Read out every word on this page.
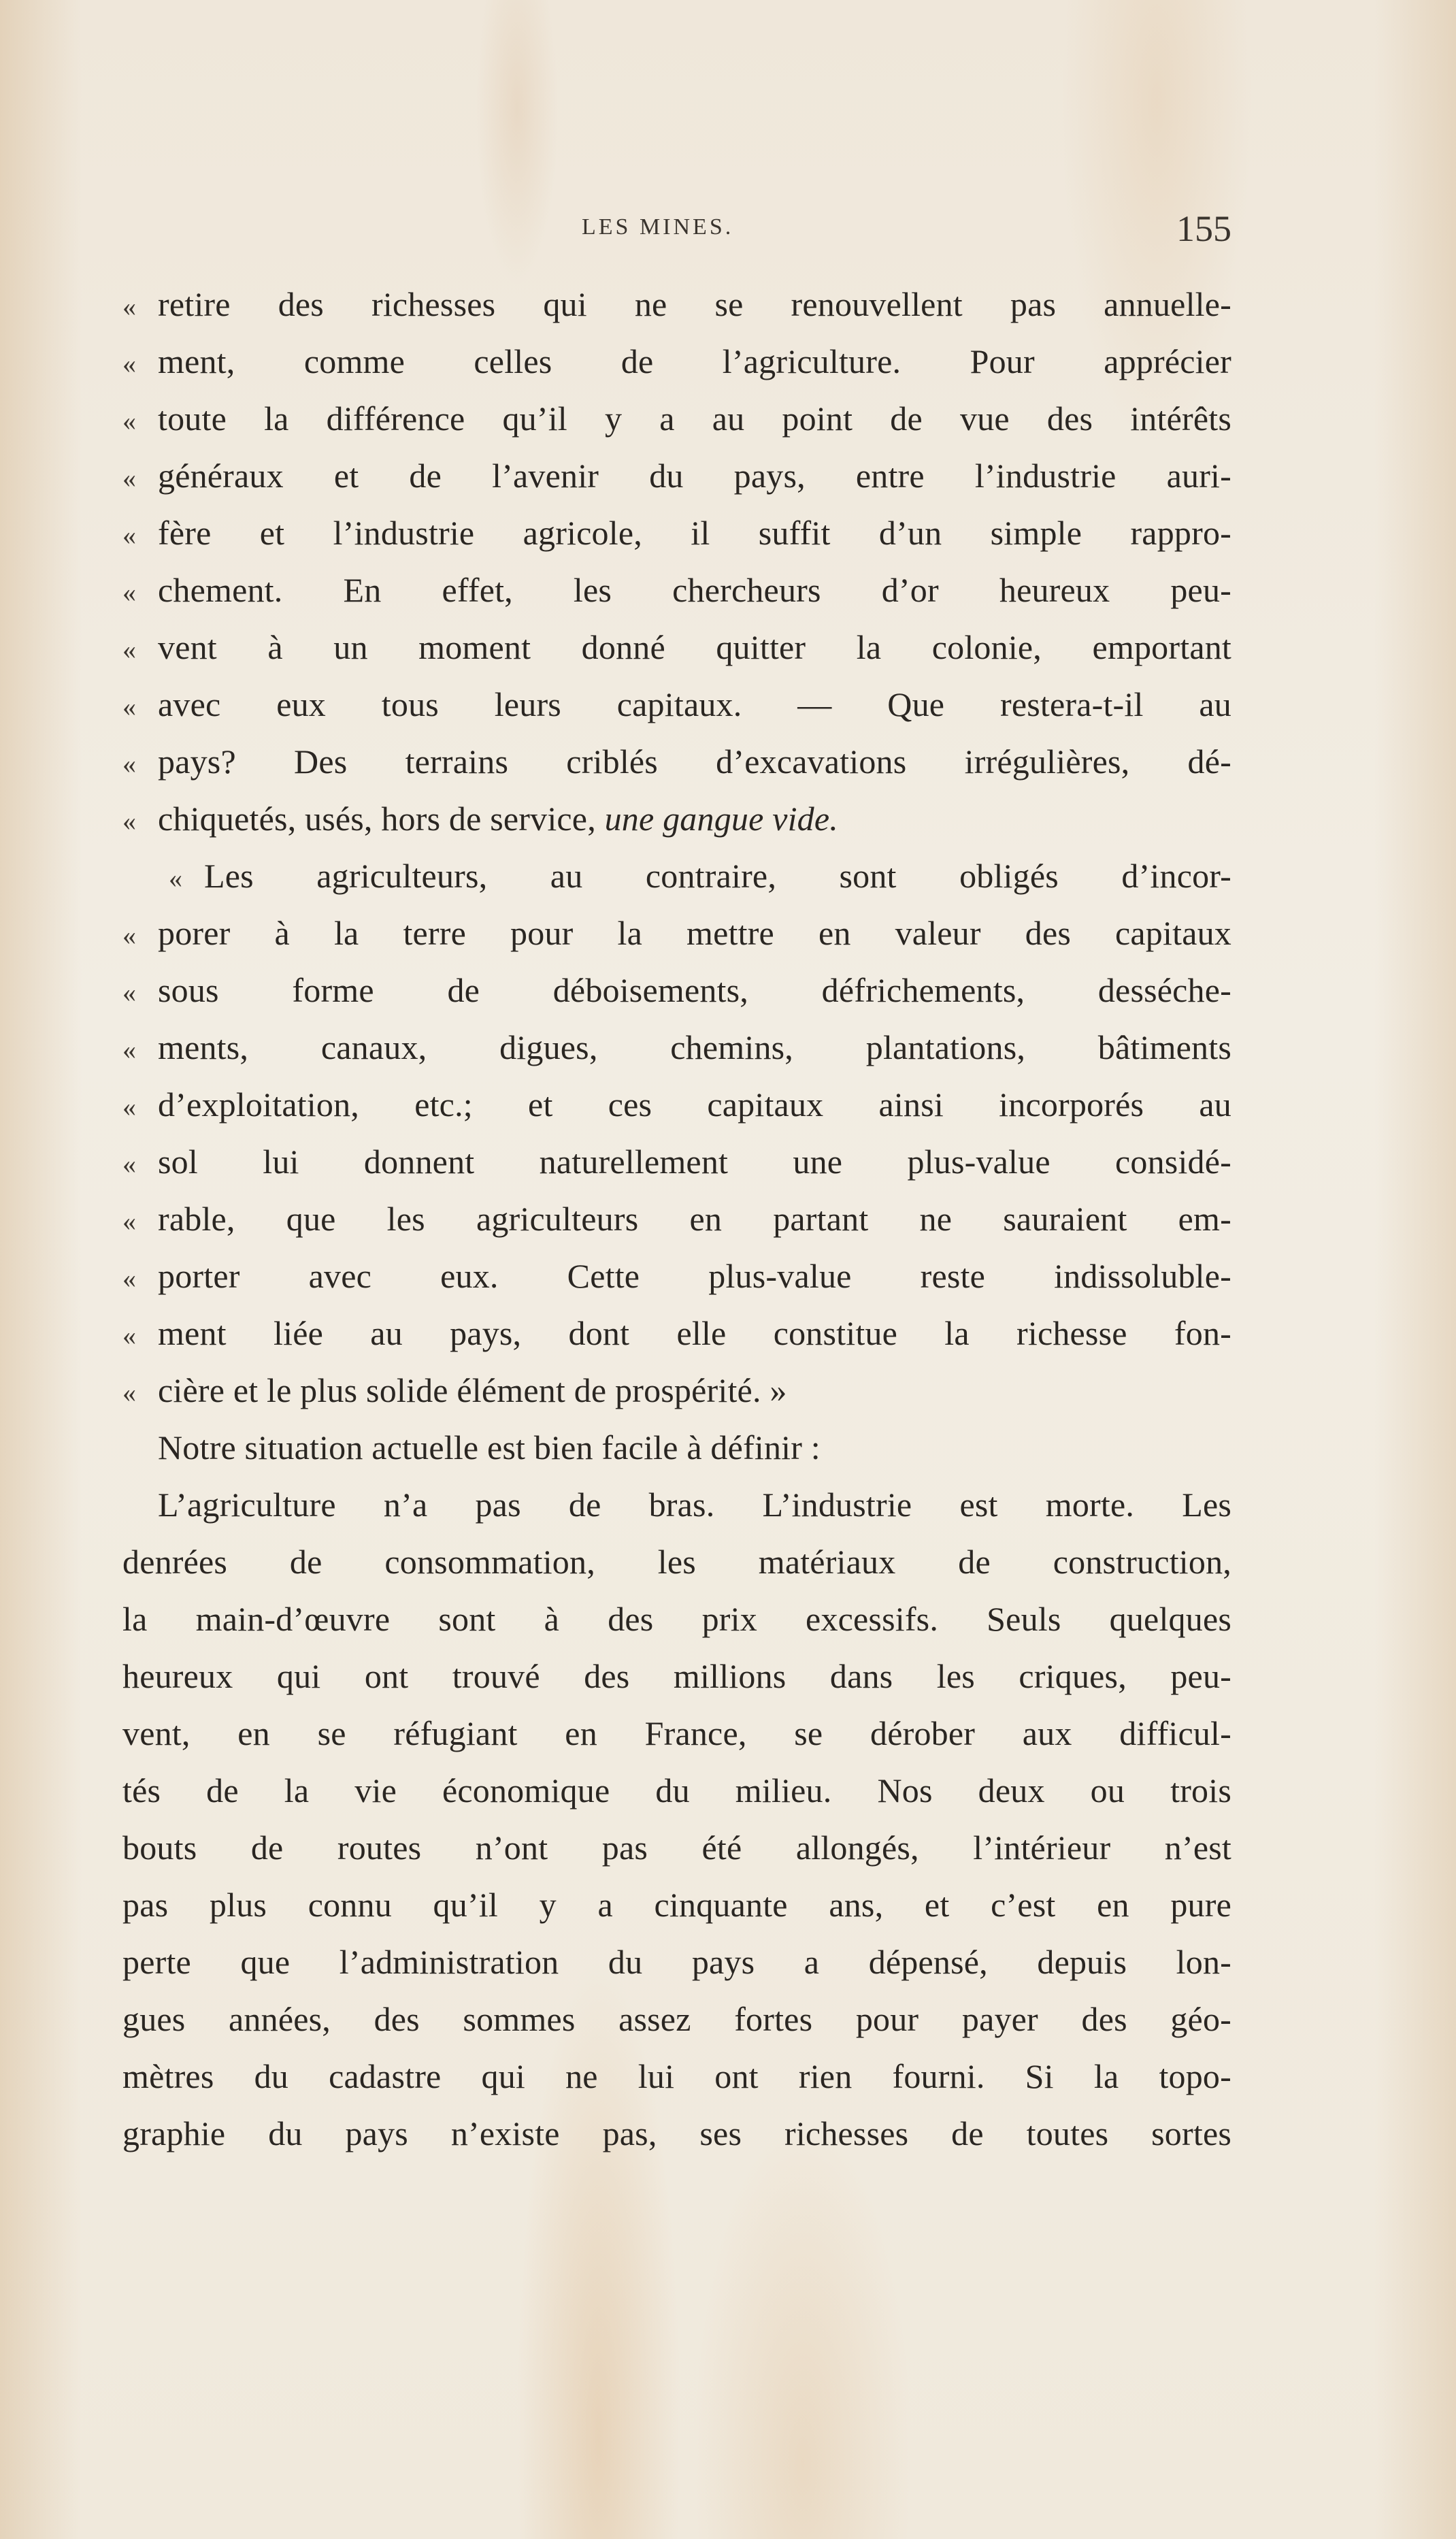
LES MINES.	155
« retire des richesses qui ne se renouvellent pas annuelle-
« ment, comme celles de l’agriculture. Pour apprécier
« toute la différence qu’il y a au point de vue des intérêts
« généraux et de l’avenir du pays, entre l’industrie auri-
« fère et l’industrie agricole, il suffit d’un simple rappro-
« chement. En effet, les chercheurs d’or heureux peu-
« vent à un moment donné quitter la colonie, emportant
« avec eux tous leurs capitaux. — Que restera-t-il au
« pays? Des terrains criblés d’excavations irrégulières, dé-
« chiquetés, usés, hors de service, une gangue vide.
« Les agriculteurs, au contraire, sont obligés d’incor-
« porer à la terre pour la mettre en valeur des capitaux
« sous forme de déboisements, défrichements, desséche-
« ments, canaux, digues, chemins, plantations, bâtiments
« d’exploitation, etc.; et ces capitaux ainsi incorporés au
« sol lui donnent naturellement une plus-value considé-
« rable, que les agriculteurs en partant ne sauraient em-
« porter avec eux. Cette plus-value reste indissoluble-
« ment liée au pays, dont elle constitue la richesse fon-
« cière et le plus solide élément de prospérité. »
Notre situation actuelle est bien facile à définir :
L’agriculture n’a pas de bras. L’industrie est morte. Les
denrées de consommation, les matériaux de construction,
la main-d’œuvre sont à des prix excessifs. Seuls quelques
heureux qui ont trouvé des millions dans les criques, peu-
vent, en se réfugiant en France, se dérober aux difficul-
tés de la vie économique du milieu. Nos deux ou trois
bouts de routes n’ont pas été allongés, l’intérieur n’est
pas plus connu qu’il y a cinquante ans, et c’est en pure
perte que l’administration du pays a dépensé, depuis lon-
gues années, des sommes assez fortes pour payer des géo-
mètres du cadastre qui ne lui ont rien fourni. Si la topo-
graphie du pays n’existe pas, ses richesses de toutes sortes
